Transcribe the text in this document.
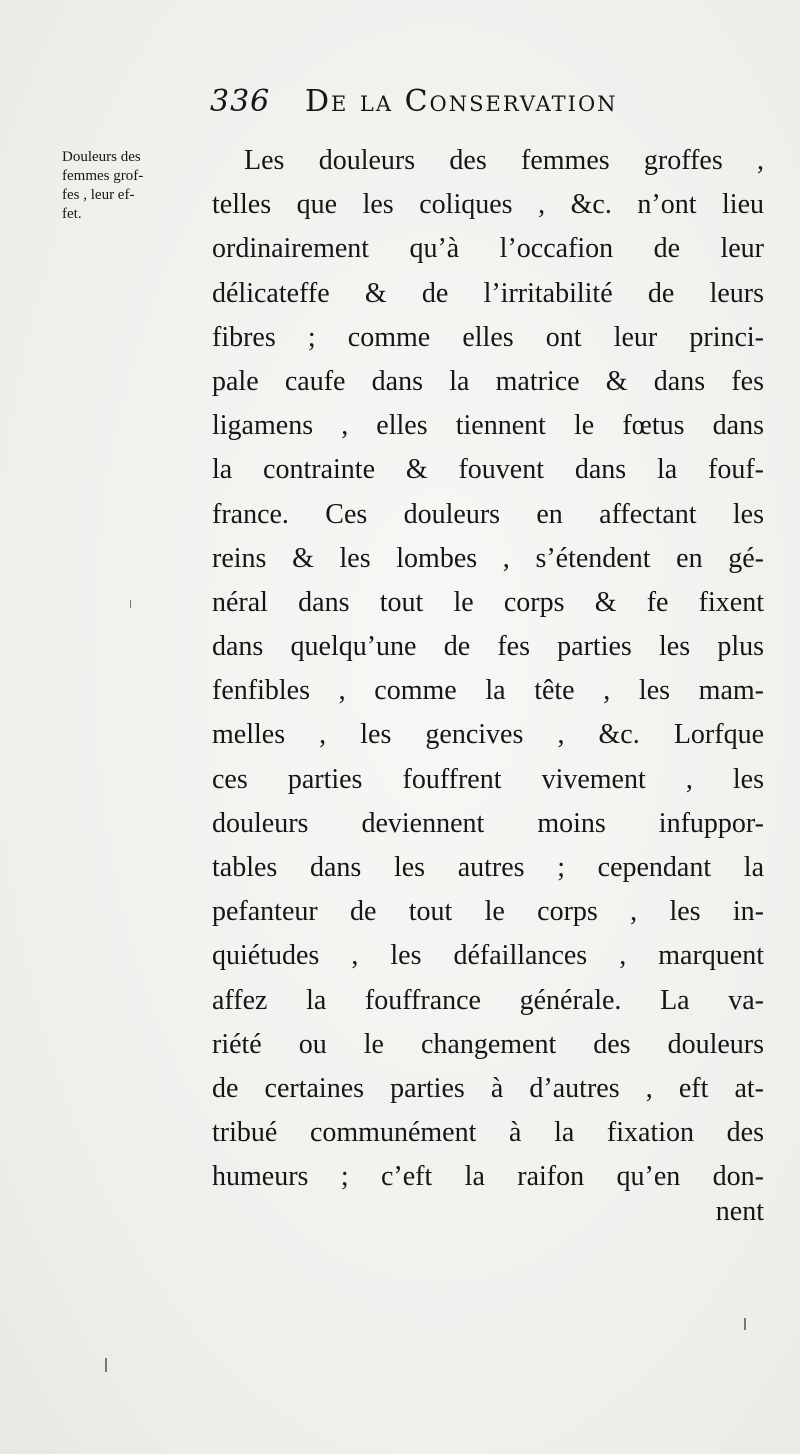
336 De la Conservation
Douleurs des
femmes grof-
fes , leur ef-
fet.
Les douleurs des femmes groffes ,
telles que les coliques , &c. n’ont lieu
ordinairement qu’à l’occafion de leur
délicateffe & de l’irritabilité de leurs
fibres ; comme elles ont leur princi-
pale caufe dans la matrice & dans fes
ligamens , elles tiennent le fœtus dans
la contrainte & fouvent dans la fouf-
france. Ces douleurs en affectant les
reins & les lombes , s’étendent en gé-
néral dans tout le corps & fe fixent
dans quelqu’une de fes parties les plus
fenfibles , comme la tête , les mam-
melles , les gencives , &c. Lorfque
ces parties fouffrent vivement , les
douleurs deviennent moins infuppor-
tables dans les autres ; cependant la
pefanteur de tout le corps , les in-
quiétudes , les défaillances , marquent
affez la fouffrance générale. La va-
riété ou le changement des douleurs
de certaines parties à d’autres , eft at-
tribué communément à la fixation des
humeurs ; c’eft la raifon qu’en don-
nent
